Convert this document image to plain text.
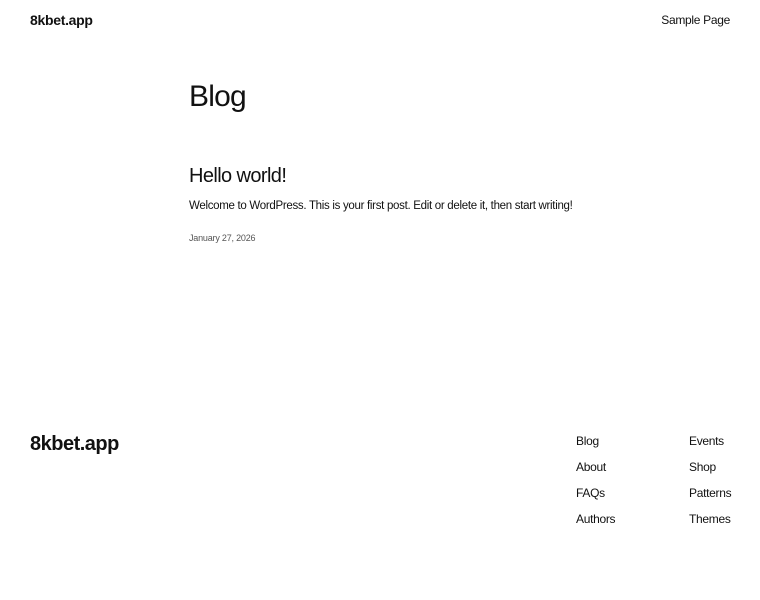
8kbet.app	Sample Page
Blog
Hello world!

Welcome to WordPress. This is your first post. Edit or delete it, then start writing!

January 27, 2026
8kbet.app	Blog
About
FAQs
Authors
Events
Shop
Patterns
Themes
